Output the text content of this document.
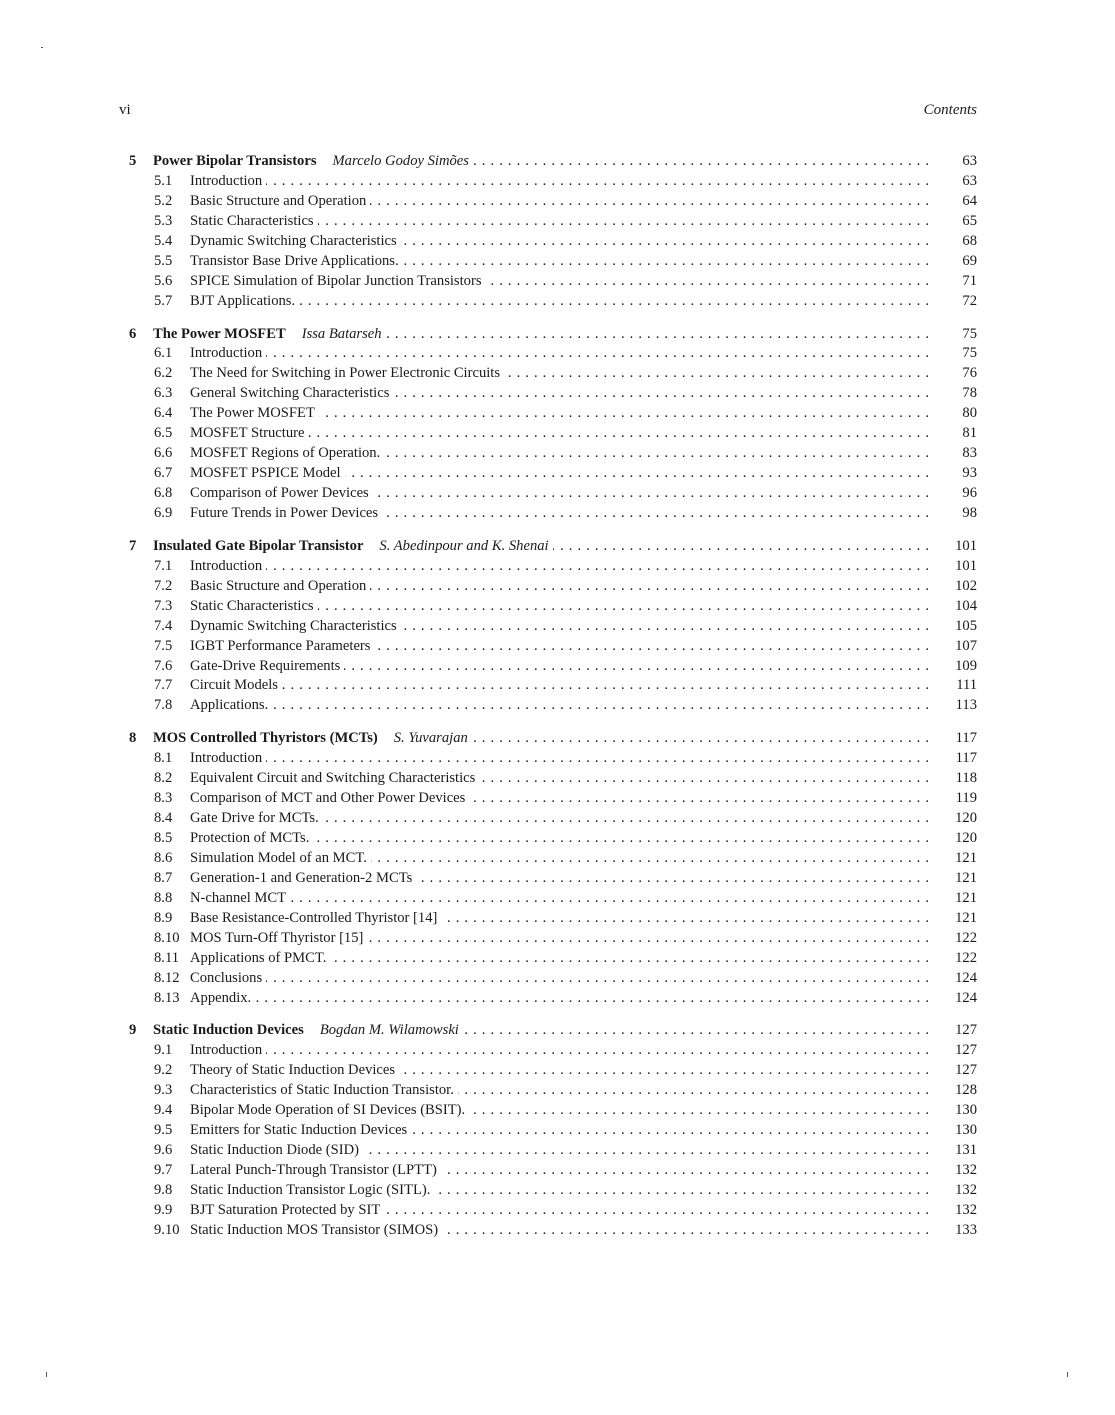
vi	Contents
5 Power Bipolar Transistors Marcelo Godoy Simões . . .	63
5.1 Introduction . . .	63
5.2 Basic Structure and Operation . . .	64
5.3 Static Characteristics . . .	65
5.4 Dynamic Switching Characteristics . . .	68
5.5 Transistor Base Drive Applications. . . .	69
5.6 SPICE Simulation of Bipolar Junction Transistors . . .	71
5.7 BJT Applications. . . .	72
6 The Power MOSFET Issa Batarseh . . .	75
6.1 Introduction . . .	75
6.2 The Need for Switching in Power Electronic Circuits . . .	76
6.3 General Switching Characteristics . . .	78
6.4 The Power MOSFET . . .	80
6.5 MOSFET Structure . . .	81
6.6 MOSFET Regions of Operation. . . .	83
6.7 MOSFET PSPICE Model . . .	93
6.8 Comparison of Power Devices . . .	96
6.9 Future Trends in Power Devices . . .	98
7 Insulated Gate Bipolar Transistor S. Abedinpour and K. Shenai . . .	101
7.1 Introduction . . .	101
7.2 Basic Structure and Operation . . .	102
7.3 Static Characteristics . . .	104
7.4 Dynamic Switching Characteristics . . .	105
7.5 IGBT Performance Parameters . . .	107
7.6 Gate-Drive Requirements . . .	109
7.7 Circuit Models . . .	111
7.8 Applications. . . .	113
8 MOS Controlled Thyristors (MCTs) S. Yuvarajan . . .	117
8.1 Introduction . . .	117
8.2 Equivalent Circuit and Switching Characteristics . . .	118
8.3 Comparison of MCT and Other Power Devices . . .	119
8.4 Gate Drive for MCTs. . . .	120
8.5 Protection of MCTs. . . .	120
8.6 Simulation Model of an MCT. . . .	121
8.7 Generation-1 and Generation-2 MCTs . . .	121
8.8 N-channel MCT . . .	121
8.9 Base Resistance-Controlled Thyristor [14] . . .	121
8.10 MOS Turn-Off Thyristor [15] . . .	122
8.11 Applications of PMCT. . . .	122
8.12 Conclusions . . .	124
8.13 Appendix. . . .	124
9 Static Induction Devices Bogdan M. Wilamowski . . .	127
9.1 Introduction . . .	127
9.2 Theory of Static Induction Devices . . .	127
9.3 Characteristics of Static Induction Transistor. . . .	128
9.4 Bipolar Mode Operation of SI Devices (BSIT). . . .	130
9.5 Emitters for Static Induction Devices . . .	130
9.6 Static Induction Diode (SID) . . .	131
9.7 Lateral Punch-Through Transistor (LPTT) . . .	132
9.8 Static Induction Transistor Logic (SITL). . . .	132
9.9 BJT Saturation Protected by SIT . . .	132
9.10 Static Induction MOS Transistor (SIMOS) . . .	133
